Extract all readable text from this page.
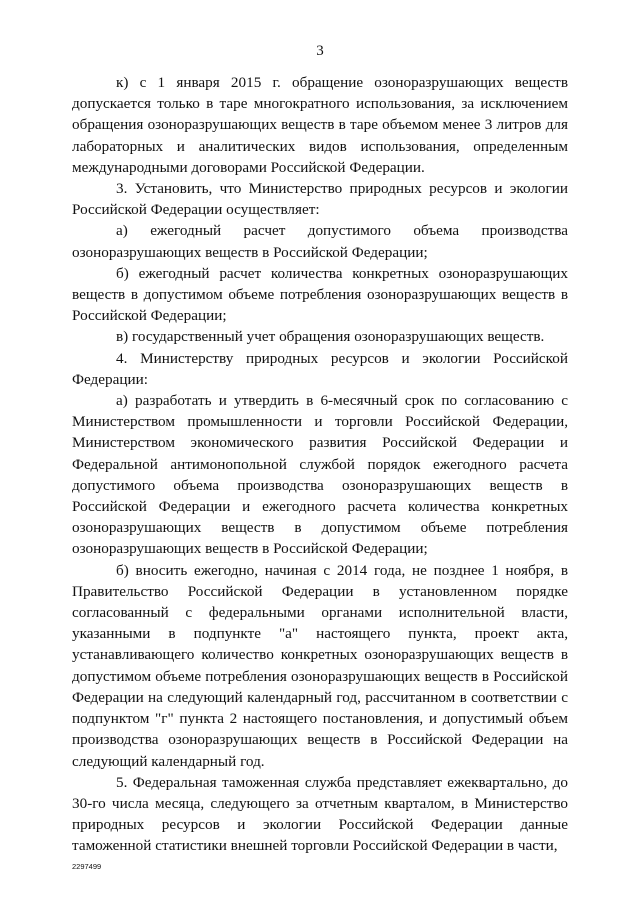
3

к) с 1 января 2015 г. обращение озоноразрушающих веществ допускается только в таре многократного использования, за исключением обращения озоноразрушающих веществ в таре объемом менее 3 литров для лабораторных и аналитических видов использования, определенным международными договорами Российской Федерации.

3. Установить, что Министерство природных ресурсов и экологии Российской Федерации осуществляет:

а) ежегодный расчет допустимого объема производства озоноразрушающих веществ в Российской Федерации;

б) ежегодный расчет количества конкретных озоноразрушающих веществ в допустимом объеме потребления озоноразрушающих веществ в Российской Федерации;

в) государственный учет обращения озоноразрушающих веществ.

4. Министерству природных ресурсов и экологии Российской Федерации:

а) разработать и утвердить в 6-месячный срок по согласованию с Министерством промышленности и торговли Российской Федерации, Министерством экономического развития Российской Федерации и Федеральной антимонопольной службой порядок ежегодного расчета допустимого объема производства озоноразрушающих веществ в Российской Федерации и ежегодного расчета количества конкретных озоноразрушающих веществ в допустимом объеме потребления озоноразрушающих веществ в Российской Федерации;

б) вносить ежегодно, начиная с 2014 года, не позднее 1 ноября, в Правительство Российской Федерации в установленном порядке согласованный с федеральными органами исполнительной власти, указанными в подпункте "а" настоящего пункта, проект акта, устанавливающего количество конкретных озоноразрушающих веществ в допустимом объеме потребления озоноразрушающих веществ в Российской Федерации на следующий календарный год, рассчитанном в соответствии с подпунктом "г" пункта 2 настоящего постановления, и допустимый объем производства озоноразрушающих веществ в Российской Федерации на следующий календарный год.

5. Федеральная таможенная служба представляет ежеквартально, до 30-го числа месяца, следующего за отчетным кварталом, в Министерство природных ресурсов и экологии Российской Федерации данные таможенной статистики внешней торговли Российской Федерации в части,

2297499
